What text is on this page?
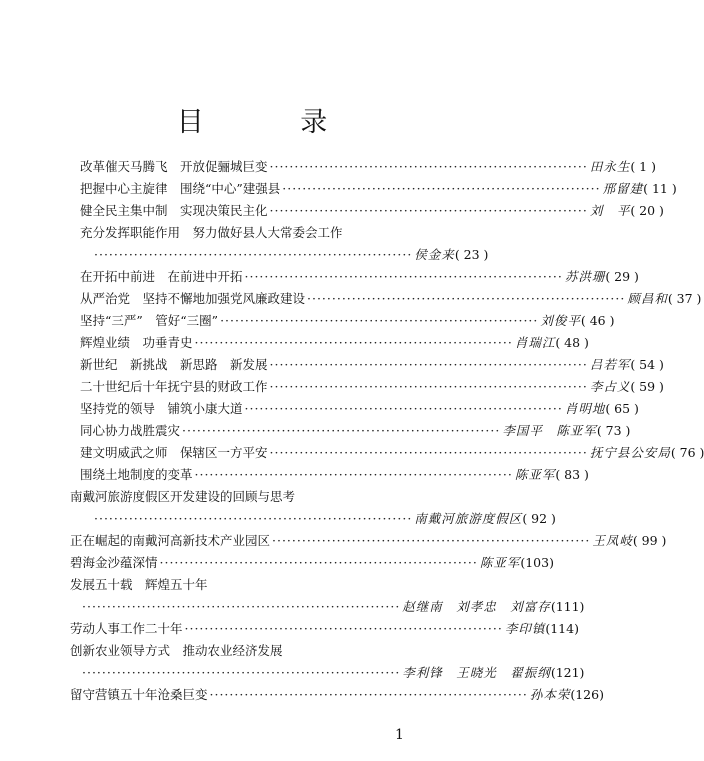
目 录
改革催天马腾飞　开放促骊城巨变 ································································ 田永生 ( 1 )
把握中心主旋律　围绕“中心”建强县 ································································ 邢留建 ( 11 )
健全民主集中制　实现决策民主化 ································································ 刘　平 ( 20 )
充分发挥职能作用　努力做好县人大常委会工作
································································ 侯金来 ( 23 )
在开拓中前进　在前进中开拓 ································································ 苏洪珊 ( 29 )
从严治党　坚持不懈地加强党风廉政建设 ································································ 顾昌和 ( 37 )
坚持“三严”　管好“三圈” ································································ 刘俊平 ( 46 )
辉煌业绩　功垂青史 ································································ 肖瑞江 ( 48 )
新世纪　新挑战　新思路　新发展 ································································ 吕若军 ( 54 )
二十世纪后十年抚宁县的财政工作 ································································ 李占义 ( 59 )
坚持党的领导　铺筑小康大道 ································································ 肖明地 ( 65 )
同心协力战胜震灾 ································································ 李国平　陈亚军 ( 73 )
建文明威武之师　保辖区一方平安 ································································ 抚宁县公安局 ( 76 )
围绕土地制度的变革 ································································ 陈亚军 ( 83 )
南戴河旅游度假区开发建设的回顾与思考
································································ 南戴河旅游度假区 ( 92 )
正在崛起的南戴河高新技术产业园区 ································································ 王凤岐 ( 99 )
碧海金沙蕴深情 ································································ 陈亚军 (103)
发展五十载　辉煌五十年
································································ 赵继南　刘孝忠　刘富存 (111)
劳动人事工作二十年 ································································ 李印镇 (114)
创新农业领导方式　推动农业经济发展
································································ 李利锋　王晓光　翟振纲 (121)
留守营镇五十年沧桑巨变 ································································ 孙本荣 (126)
1
